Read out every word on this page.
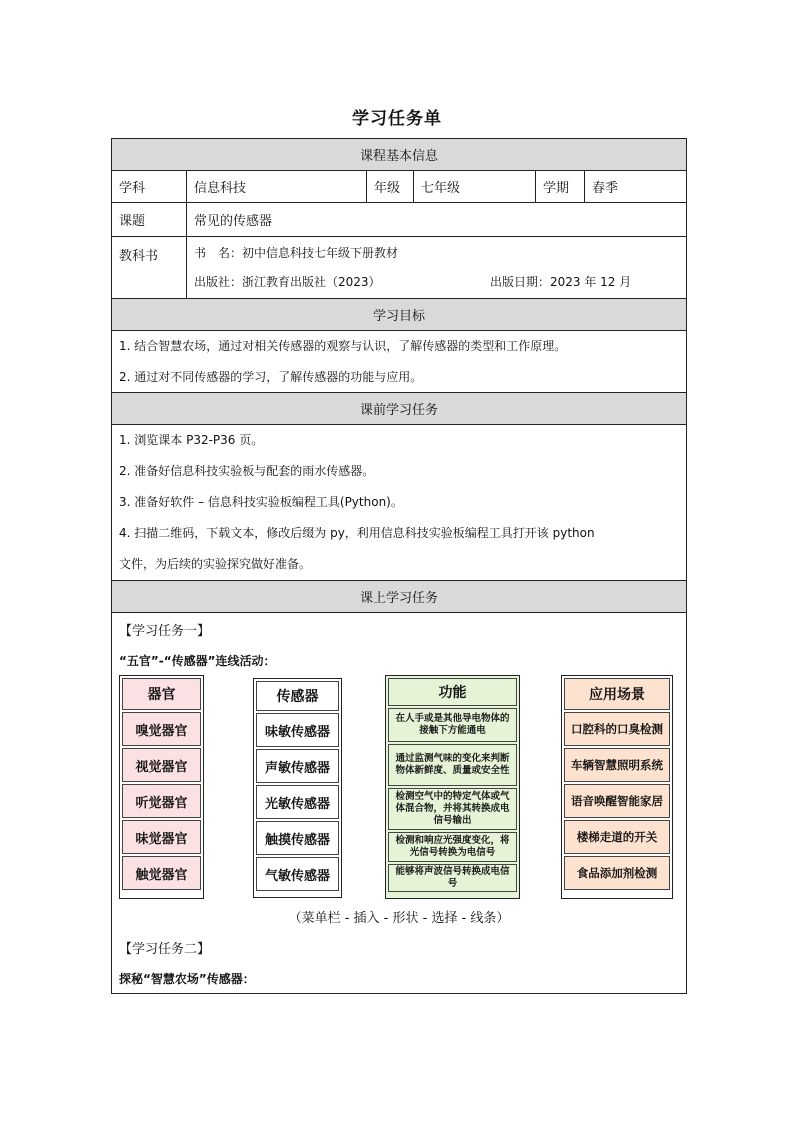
学习任务单
课程基本信息
学科	信息科技	年级	七年级	学期	春季
课题	常见的传感器
教科书	书　名：初中信息科技七年级下册教材
出版社：浙江教育出版社（2023）	出版日期：2023 年 12 月
学习目标

1. 结合智慧农场，通过对相关传感器的观察与认识，了解传感器的类型和工作原理。

2. 通过对不同传感器的学习，了解传感器的功能与应用。

课前学习任务

1. 浏览课本 P32-P36 页。

2. 准备好信息科技实验板与配套的雨水传感器。

3. 准备好软件 – 信息科技实验板编程工具(Python)。

4. 扫描二维码，下载文本，修改后缀为 py，利用信息科技实验板编程工具打开该 python

文件，为后续的实验探究做好准备。

课上学习任务
【学习任务一】
“五官”-“传感器”连线活动：
器官
嗅觉器官
视觉器官
听觉器官
味觉器官
触觉器官
传感器
味敏传感器
声敏传感器
光敏传感器
触摸传感器
气敏传感器
功能
在人手或是其他导电物体的接触下方能通电
通过监测气味的变化来判断物体新鲜度、质量或安全性
检测空气中的特定气体或气体混合物，并将其转换成电信号输出
检测和响应光强度变化，将光信号转换为电信号
能够将声波信号转换成电信号
应用场景
口腔科的口臭检测
车辆智慧照明系统
语音唤醒智能家居
楼梯走道的开关
食品添加剂检测
（菜单栏 - 插入 - 形状 - 选择 - 线条）
【学习任务二】
探秘“智慧农场”传感器：
